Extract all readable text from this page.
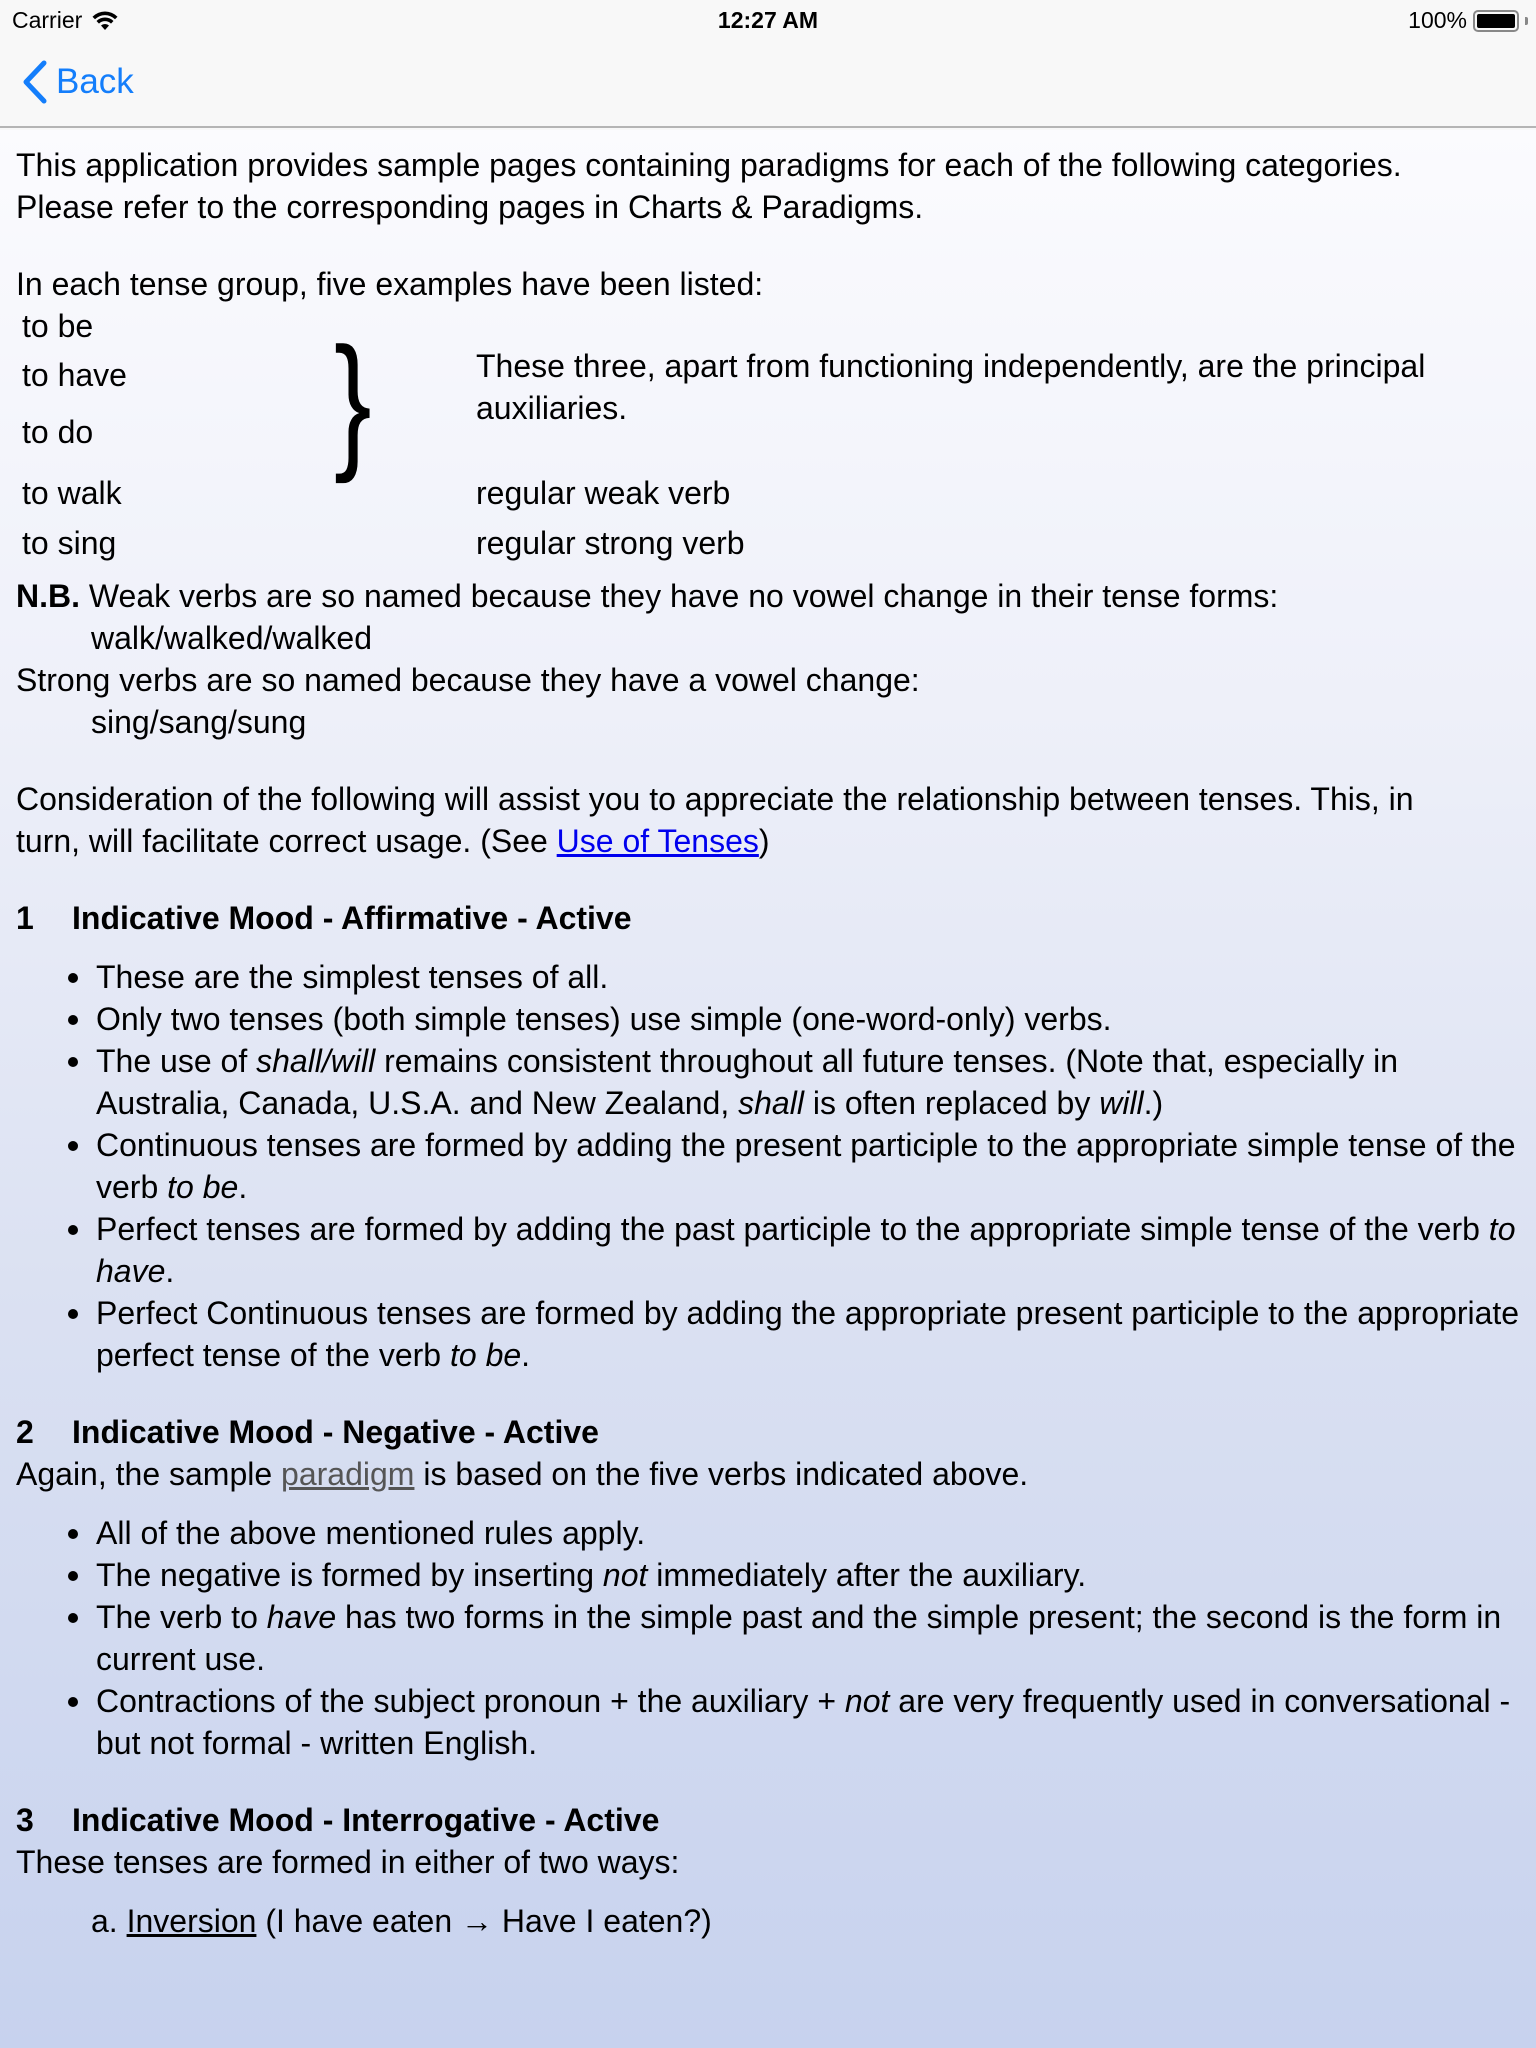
Carrier	12:27 AM	100%
Back

This application provides sample pages containing paradigms for each of the following categories.

Please refer to the corresponding pages in Charts & Paradigms.

In each tense group, five examples have been listed:

to be
to have
to do }	These three, apart from functioning independently, are the principal
auxiliaries.
to walk	regular weak verb
to sing	regular strong verb

N.B. Weak verbs are so named because they have no vowel change in their tense forms:

walk/walked/walked

Strong verbs are so named because they have a vowel change:

sing/sang/sung

Consideration of the following will assist you to appreciate the relationship between tenses. This, in

turn, will facilitate correct usage. (See Use of Tenses)

1 Indicative Mood - Affirmative - Active

These are the simplest tenses of all.
Only two tenses (both simple tenses) use simple (one-word-only) verbs.
The use of shall/will remains consistent throughout all future tenses. (Note that, especially in Australia, Canada, U.S.A. and New Zealand, shall is often replaced by will.)
Continuous tenses are formed by adding the present participle to the appropriate simple tense of the verb to be.
Perfect tenses are formed by adding the past participle to the appropriate simple tense of the verb to have.
Perfect Continuous tenses are formed by adding the appropriate present participle to the appropriate perfect tense of the verb to be.

2 Indicative Mood - Negative - Active

Again, the sample paradigm is based on the five verbs indicated above.

All of the above mentioned rules apply.
The negative is formed by inserting not immediately after the auxiliary.
The verb to have has two forms in the simple past and the simple present; the second is the form in current use.
Contractions of the subject pronoun + the auxiliary + not are very frequently used in conversational - but not formal - written English.

3 Indicative Mood - Interrogative - Active

These tenses are formed in either of two ways:

a. Inversion (I have eaten → Have I eaten?)
